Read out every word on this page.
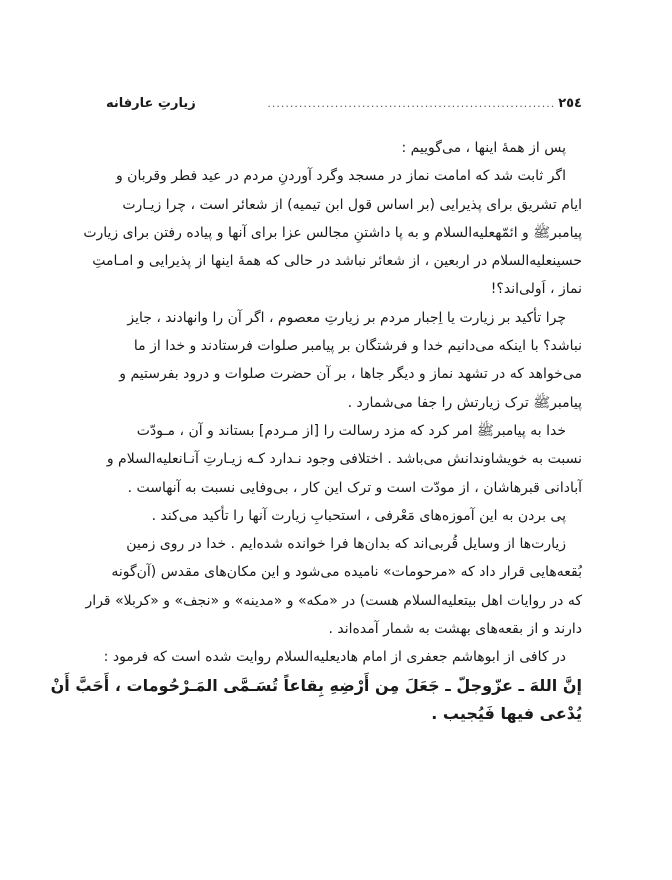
٢٥٤
................................................................
زیارتِ عارفانه
پس از همهٔ اینها ، می‌گوییم :
اگر ثابت شد که امامت نماز در مسجد وگرد آوردنِ مردم در عید فطر وقربان و
ایام تشریق برای پذیرایی (بر اساس قول ابن تیمیه) از شعائر است ، چرا زیـارت
پیامبرﷺ و ائمّهعليه‌السلام و به پا داشتنِ مجالس عزا برای آنها و پیاده رفتن برای زیارت
حسینعليه‌السلام در اربعین ، از شعائر نباشد در حالی که همهٔ اینها از پذیرایی و امـامتِ
نماز ، اَولی‌اند؟!
چرا تأکید بر زیارت یا اِجبار مردم بر زیارتِ معصوم ، اگر آن را وانهادند ، جایز
نباشد؟ با اینکه می‌دانیم خدا و فرشتگان بر پیامبر صلوات فرستادند و خدا از ما
می‌خواهد که در تشهد نماز و دیگر جاها ، بر آن حضرت صلوات و درود بفرستیم و
پیامبرﷺ ترک زیارتش را جفا می‌شمارد .
خدا به پیامبرﷺ امر کرد که مزد رسالت را [از مـردم] بستاند و آن ، مـودّت
نسبت به خویشاوندانش می‌باشد . اختلافی وجود نـدارد کـه زیـارتِ آنـانعليه‌السلام و
آبادانی قبرهاشان ، از مودّت است و ترک این کار ، بی‌وفایی نسبت به آنهاست .
پی بردن به این آموزه‌های مَعْرفی ، استحبابِ زیارت آنها را تأکید می‌کند .
زیارت‌ها از وسایل قُربی‌اند که بدان‌ها فرا خوانده شده‌ایم . خدا در روی زمین
بُقعه‌هایی قرار داد که «مرحومات» نامیده می‌شود و این مکان‌های مقدس (آن‌گونه
که در روایات اهل بیتعليه‌السلام هست) در «مکه» و «مدینه» و «نجف» و «کربلا» قرار
دارند و از بقعه‌های بهشت به شمار آمده‌اند .
در کافی از ابوهاشم جعفری از امام هادیعليه‌السلام روایت شده است که فرمود :
إنَّ اللهَ ـ عزّوجلّ ـ جَعَلَ مِن أَرْضِهِ بِقاعاً تُسَـمَّى المَـرْحُومات ، أَحَبَّ أَنْ
يُدْعى فيها فَيُجيب .
